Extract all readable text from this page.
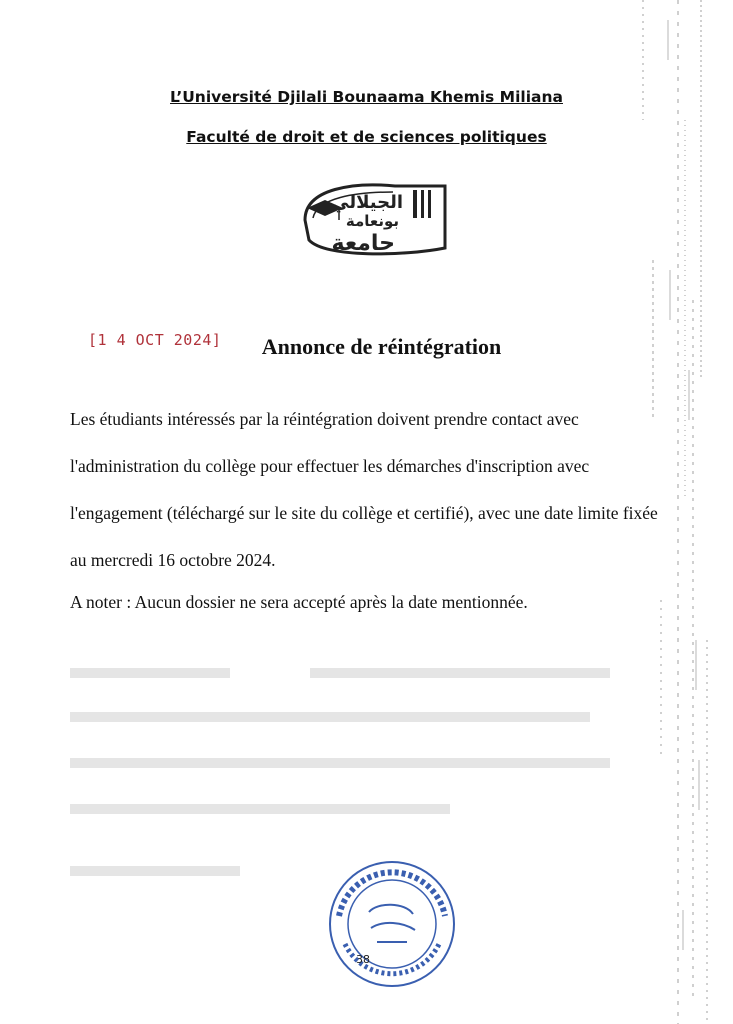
L’Université Djilali Bounaama Khemis Miliana
Faculté de droit et de sciences politiques
الجيلالي
بونعامة
جامعة
[1 4 OCT 2024]	Annonce de réintégration

Les étudiants intéressés par la réintégration doivent prendre contact avec l'administration du collège pour effectuer les démarches d'inscription avec l'engagement (téléchargé sur le site du collège et certifié), avec une date limite fixée au mercredi 16 octobre 2024.

A noter : Aucun dossier ne sera accepté après la date mentionnée.
38
